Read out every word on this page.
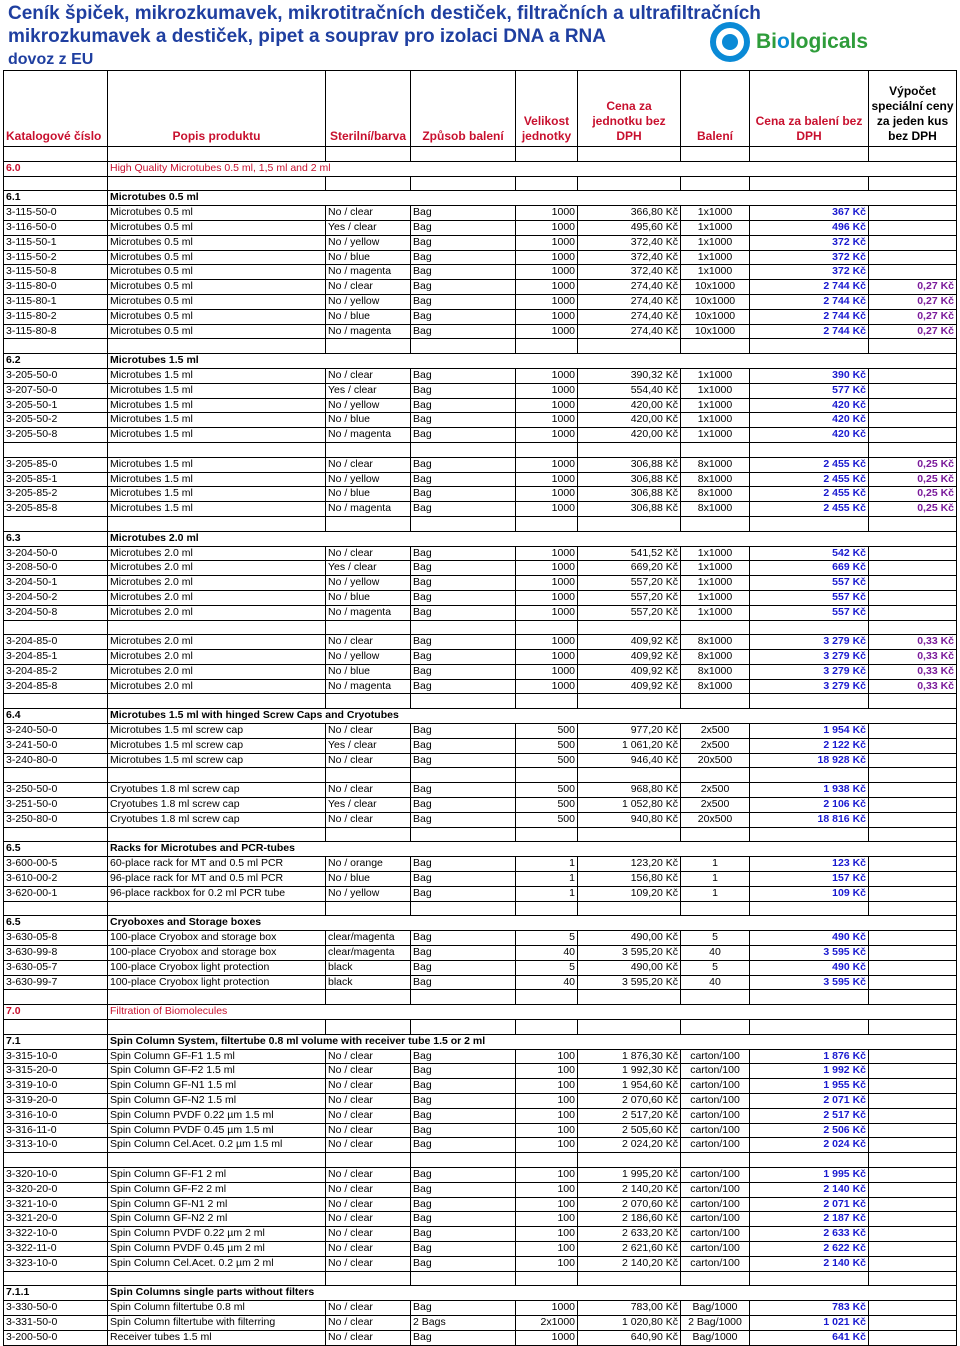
Ceník špiček, mikrozkumavek, mikrotitračních destiček, filtračních a ultrafiltračních
mikrozkumavek a destiček, pipet a souprav pro izolaci DNA a RNA
dovoz z EU
Biologicals
Katalogové číslo	Popis produktu	Sterilní/barva	Způsob balení	Velikost jednotky	Cena za jednotku bez DPH	Balení	Cena za balení bez DPH	Výpočet speciální ceny za jeden kus bez DPH

6.0	High Quality Microtubes 0.5 ml, 1,5 ml and 2 ml							

6.1	Microtubes 0.5 ml							
3-115-50-0	Microtubes 0.5 ml	No / clear	Bag	1000	366,80 Kč	1x1000	367 Kč	
3-116-50-0	Microtubes 0.5 ml	Yes / clear	Bag	1000	495,60 Kč	1x1000	496 Kč	
3-115-50-1	Microtubes 0.5 ml	No / yellow	Bag	1000	372,40 Kč	1x1000	372 Kč	
3-115-50-2	Microtubes 0.5 ml	No / blue	Bag	1000	372,40 Kč	1x1000	372 Kč	
3-115-50-8	Microtubes 0.5 ml	No / magenta	Bag	1000	372,40 Kč	1x1000	372 Kč	
3-115-80-0	Microtubes 0.5 ml	No / clear	Bag	1000	274,40 Kč	10x1000	2 744 Kč	0,27 Kč
3-115-80-1	Microtubes 0.5 ml	No / yellow	Bag	1000	274,40 Kč	10x1000	2 744 Kč	0,27 Kč
3-115-80-2	Microtubes 0.5 ml	No / blue	Bag	1000	274,40 Kč	10x1000	2 744 Kč	0,27 Kč
3-115-80-8	Microtubes 0.5 ml	No / magenta	Bag	1000	274,40 Kč	10x1000	2 744 Kč	0,27 Kč

6.2	Microtubes 1.5 ml							
3-205-50-0	Microtubes 1.5 ml	No / clear	Bag	1000	390,32 Kč	1x1000	390 Kč	
3-207-50-0	Microtubes 1.5 ml	Yes / clear	Bag	1000	554,40 Kč	1x1000	577 Kč	
3-205-50-1	Microtubes 1.5 ml	No / yellow	Bag	1000	420,00 Kč	1x1000	420 Kč	
3-205-50-2	Microtubes 1.5 ml	No / blue	Bag	1000	420,00 Kč	1x1000	420 Kč	
3-205-50-8	Microtubes 1.5 ml	No / magenta	Bag	1000	420,00 Kč	1x1000	420 Kč	

3-205-85-0	Microtubes 1.5 ml	No / clear	Bag	1000	306,88 Kč	8x1000	2 455 Kč	0,25 Kč
3-205-85-1	Microtubes 1.5 ml	No / yellow	Bag	1000	306,88 Kč	8x1000	2 455 Kč	0,25 Kč
3-205-85-2	Microtubes 1.5 ml	No / blue	Bag	1000	306,88 Kč	8x1000	2 455 Kč	0,25 Kč
3-205-85-8	Microtubes 1.5 ml	No / magenta	Bag	1000	306,88 Kč	8x1000	2 455 Kč	0,25 Kč

6.3	Microtubes 2.0 ml							
3-204-50-0	Microtubes 2.0 ml	No / clear	Bag	1000	541,52 Kč	1x1000	542 Kč	
3-208-50-0	Microtubes 2.0 ml	Yes / clear	Bag	1000	669,20 Kč	1x1000	669 Kč	
3-204-50-1	Microtubes 2.0 ml	No / yellow	Bag	1000	557,20 Kč	1x1000	557 Kč	
3-204-50-2	Microtubes 2.0 ml	No / blue	Bag	1000	557,20 Kč	1x1000	557 Kč	
3-204-50-8	Microtubes 2.0 ml	No / magenta	Bag	1000	557,20 Kč	1x1000	557 Kč	

3-204-85-0	Microtubes 2.0 ml	No / clear	Bag	1000	409,92 Kč	8x1000	3 279 Kč	0,33 Kč
3-204-85-1	Microtubes 2.0 ml	No / yellow	Bag	1000	409,92 Kč	8x1000	3 279 Kč	0,33 Kč
3-204-85-2	Microtubes 2.0 ml	No / blue	Bag	1000	409,92 Kč	8x1000	3 279 Kč	0,33 Kč
3-204-85-8	Microtubes 2.0 ml	No / magenta	Bag	1000	409,92 Kč	8x1000	3 279 Kč	0,33 Kč

6.4	Microtubes 1.5 ml with hinged Screw Caps and Cryotubes							
3-240-50-0	Microtubes 1.5 ml screw cap	No / clear	Bag	500	977,20 Kč	2x500	1 954 Kč	
3-241-50-0	Microtubes 1.5 ml screw cap	Yes / clear	Bag	500	1 061,20 Kč	2x500	2 122 Kč	
3-240-80-0	Microtubes 1.5 ml screw cap	No / clear	Bag	500	946,40 Kč	20x500	18 928 Kč	

3-250-50-0	Cryotubes 1.8 ml screw cap	No / clear	Bag	500	968,80 Kč	2x500	1 938 Kč	
3-251-50-0	Cryotubes 1.8 ml screw cap	Yes / clear	Bag	500	1 052,80 Kč	2x500	2 106 Kč	
3-250-80-0	Cryotubes 1.8 ml screw cap	No / clear	Bag	500	940,80 Kč	20x500	18 816 Kč	

6.5	Racks for Microtubes and PCR-tubes							
3-600-00-5	60-place rack for MT and 0.5 ml PCR	No / orange	Bag	1	123,20 Kč	1	123 Kč	
3-610-00-2	96-place rack for MT and 0.5 ml PCR	No / blue	Bag	1	156,80 Kč	1	157 Kč	
3-620-00-1	96-place rackbox for 0.2 ml PCR tube	No / yellow	Bag	1	109,20 Kč	1	109 Kč	

6.5	Cryoboxes and Storage boxes							
3-630-05-8	100-place Cryobox and storage box	clear/magenta	Bag	5	490,00 Kč	5	490 Kč	
3-630-99-8	100-place Cryobox and storage box	clear/magenta	Bag	40	3 595,20 Kč	40	3 595 Kč	
3-630-05-7	100-place Cryobox light protection	black	Bag	5	490,00 Kč	5	490 Kč	
3-630-99-7	100-place Cryobox light protection	black	Bag	40	3 595,20 Kč	40	3 595 Kč	

7.0	Filtration of Biomolecules							

7.1	Spin Column System, filtertube 0.8 ml volume with receiver tube 1.5 or 2 ml							
3-315-10-0	Spin Column GF-F1 1.5 ml	No / clear	Bag	100	1 876,30 Kč	carton/100	1 876 Kč	
3-315-20-0	Spin Column GF-F2 1.5 ml	No / clear	Bag	100	1 992,30 Kč	carton/100	1 992 Kč	
3-319-10-0	Spin Column GF-N1 1.5 ml	No / clear	Bag	100	1 954,60 Kč	carton/100	1 955 Kč	
3-319-20-0	Spin Column GF-N2 1.5 ml	No / clear	Bag	100	2 070,60 Kč	carton/100	2 071 Kč	
3-316-10-0	Spin Column PVDF 0.22 µm 1.5 ml	No / clear	Bag	100	2 517,20 Kč	carton/100	2 517 Kč	
3-316-11-0	Spin Column PVDF 0.45 µm 1.5 ml	No / clear	Bag	100	2 505,60 Kč	carton/100	2 506 Kč	
3-313-10-0	Spin Column Cel.Acet. 0.2 µm 1.5 ml	No / clear	Bag	100	2 024,20 Kč	carton/100	2 024 Kč	

3-320-10-0	Spin Column GF-F1 2 ml	No / clear	Bag	100	1 995,20 Kč	carton/100	1 995 Kč	
3-320-20-0	Spin Column GF-F2 2 ml	No / clear	Bag	100	2 140,20 Kč	carton/100	2 140 Kč	
3-321-10-0	Spin Column GF-N1 2 ml	No / clear	Bag	100	2 070,60 Kč	carton/100	2 071 Kč	
3-321-20-0	Spin Column GF-N2 2 ml	No / clear	Bag	100	2 186,60 Kč	carton/100	2 187 Kč	
3-322-10-0	Spin Column PVDF 0.22 µm 2 ml	No / clear	Bag	100	2 633,20 Kč	carton/100	2 633 Kč	
3-322-11-0	Spin Column PVDF 0.45 µm 2 ml	No / clear	Bag	100	2 621,60 Kč	carton/100	2 622 Kč	
3-323-10-0	Spin Column Cel.Acet. 0.2 µm 2 ml	No / clear	Bag	100	2 140,20 Kč	carton/100	2 140 Kč	

7.1.1	Spin Columns single parts without filters							
3-330-50-0	Spin Column filtertube 0.8 ml	No / clear	Bag	1000	783,00 Kč	Bag/1000	783 Kč	
3-331-50-0	Spin Column filtertube with filterring	No / clear	2 Bags	2x1000	1 020,80 Kč	2 Bag/1000	1 021 Kč	
3-200-50-0	Receiver tubes 1.5 ml	No / clear	Bag	1000	640,90 Kč	Bag/1000	641 Kč	
